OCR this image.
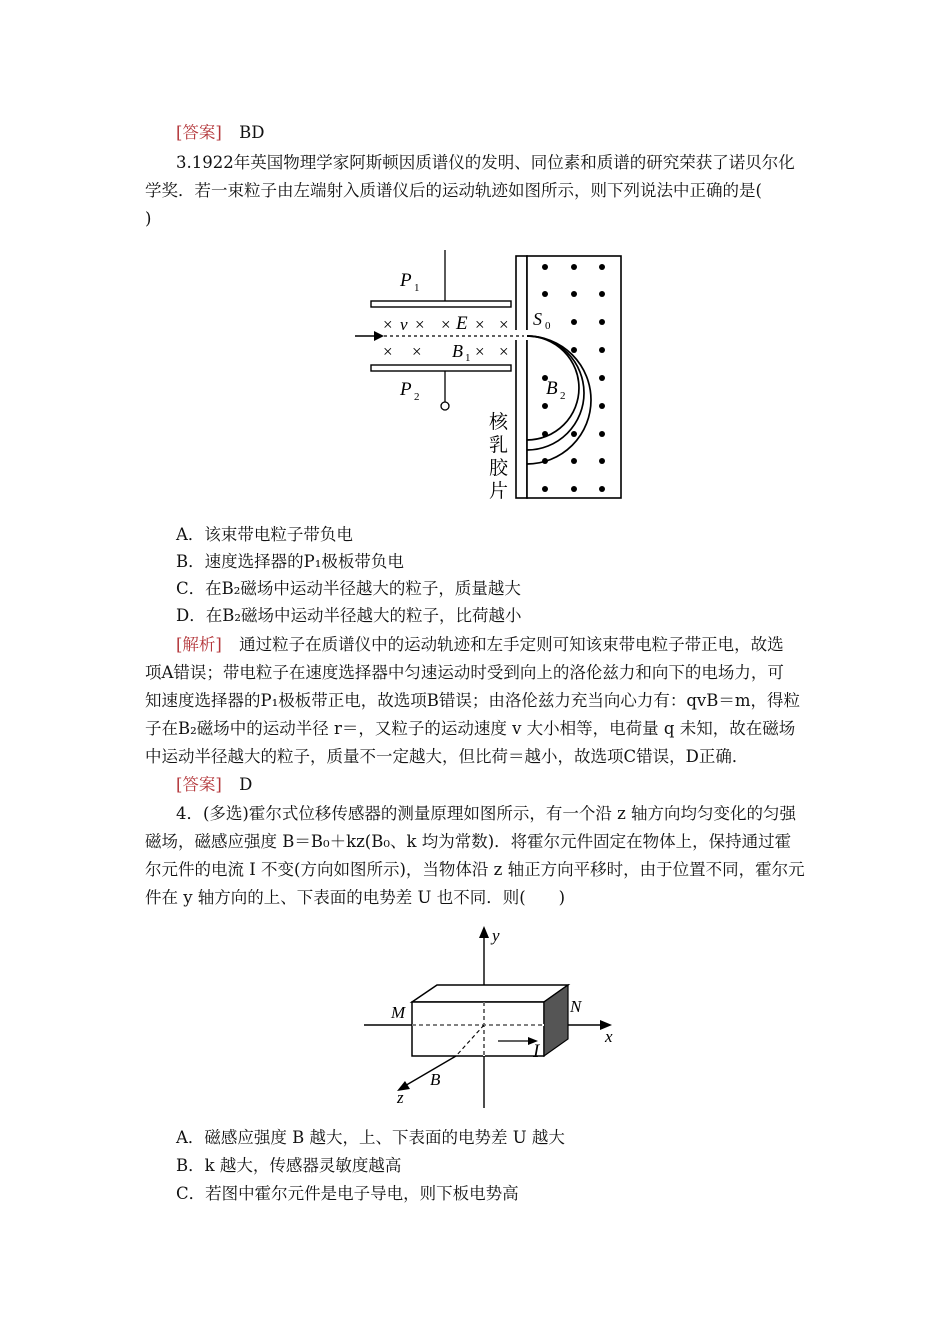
[答案] BD
3.1922年英国物理学家阿斯顿因质谱仪的发明、同位素和质谱的研究荣获了诺贝尔化
学奖．若一束粒子由左端射入质谱仪后的运动轨迹如图所示，则下列说法中正确的是(
)
× × × × ×
× ×	× ×
v	E
B 1
P 1
P 2
S 0
B 2
核
乳
胶
片
A．该束带电粒子带负电
B．速度选择器的P₁极板带负电
C．在B₂磁场中运动半径越大的粒子，质量越大
D．在B₂磁场中运动半径越大的粒子，比荷越小
[解析] 通过粒子在质谱仪中的运动轨迹和左手定则可知该束带电粒子带正电，故选
项A错误；带电粒子在速度选择器中匀速运动时受到向上的洛伦兹力和向下的电场力，可
知速度选择器的P₁极板带正电，故选项B错误；由洛伦兹力充当向心力有：qvB＝m，得粒
子在B₂磁场中的运动半径 r＝，又粒子的运动速度 v 大小相等，电荷量 q 未知，故在磁场
中运动半径越大的粒子，质量不一定越大，但比荷＝越小，故选项C错误，D正确．
[答案] D
4．(多选)霍尔式位移传感器的测量原理如图所示，有一个沿 z 轴方向均匀变化的匀强
磁场，磁感应强度 B＝B₀＋kz(B₀、k 均为常数)．将霍尔元件固定在物体上，保持通过霍
尔元件的电流 I 不变(方向如图所示)，当物体沿 z 轴正方向平移时，由于位置不同，霍尔元
件在 y 轴方向的上、下表面的电势差 U 也不同．则(　　)
y
x
z
B
I
M	N
A．磁感应强度 B 越大，上、下表面的电势差 U 越大
B．k 越大，传感器灵敏度越高
C．若图中霍尔元件是电子导电，则下板电势高
